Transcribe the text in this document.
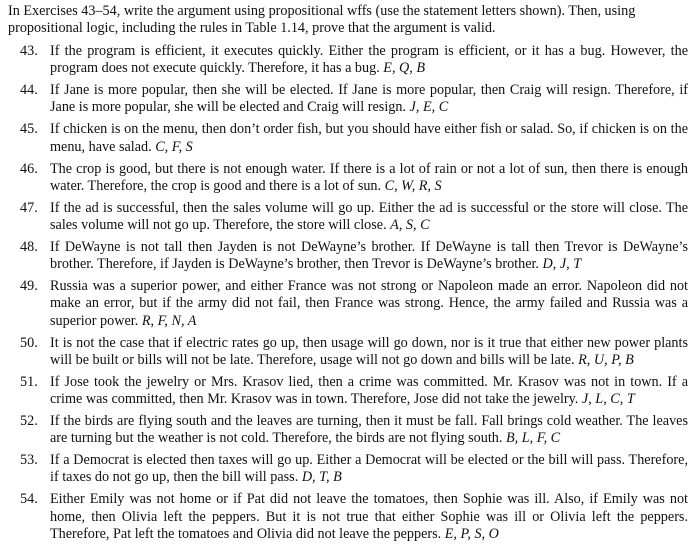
In Exercises 43–54, write the argument using propositional wffs (use the statement letters shown). Then, using propositional logic, including the rules in Table 1.14, prove that the argument is valid.

43. If the program is efficient, it executes quickly. Either the program is efficient, or it has a bug. However, the program does not execute quickly. Therefore, it has a bug. E, Q, B
44. If Jane is more popular, then she will be elected. If Jane is more popular, then Craig will resign. Therefore, if Jane is more popular, she will be elected and Craig will resign. J, E, C
45. If chicken is on the menu, then don’t order fish, but you should have either fish or salad. So, if chicken is on the menu, have salad. C, F, S
46. The crop is good, but there is not enough water. If there is a lot of rain or not a lot of sun, then there is enough water. Therefore, the crop is good and there is a lot of sun. C, W, R, S
47. If the ad is successful, then the sales volume will go up. Either the ad is successful or the store will close. The sales volume will not go up. Therefore, the store will close. A, S, C
48. If DeWayne is not tall then Jayden is not DeWayne’s brother. If DeWayne is tall then Trevor is DeWayne’s brother. Therefore, if Jayden is DeWayne’s brother, then Trevor is DeWayne’s brother. D, J, T
49. Russia was a superior power, and either France was not strong or Napoleon made an error. Napoleon did not make an error, but if the army did not fail, then France was strong. Hence, the army failed and Russia was a superior power. R, F, N, A
50. It is not the case that if electric rates go up, then usage will go down, nor is it true that either new power plants will be built or bills will not be late. Therefore, usage will not go down and bills will be late. R, U, P, B
51. If Jose took the jewelry or Mrs. Krasov lied, then a crime was committed. Mr. Krasov was not in town. If a crime was committed, then Mr. Krasov was in town. Therefore, Jose did not take the jewelry. J, L, C, T
52. If the birds are flying south and the leaves are turning, then it must be fall. Fall brings cold weather. The leaves are turning but the weather is not cold. Therefore, the birds are not flying south. B, L, F, C
53. If a Democrat is elected then taxes will go up. Either a Democrat will be elected or the bill will pass. Therefore, if taxes do not go up, then the bill will pass. D, T, B
54. Either Emily was not home or if Pat did not leave the tomatoes, then Sophie was ill. Also, if Emily was not home, then Olivia left the peppers. But it is not true that either Sophie was ill or Olivia left the peppers. Therefore, Pat left the tomatoes and Olivia did not leave the peppers. E, P, S, O
